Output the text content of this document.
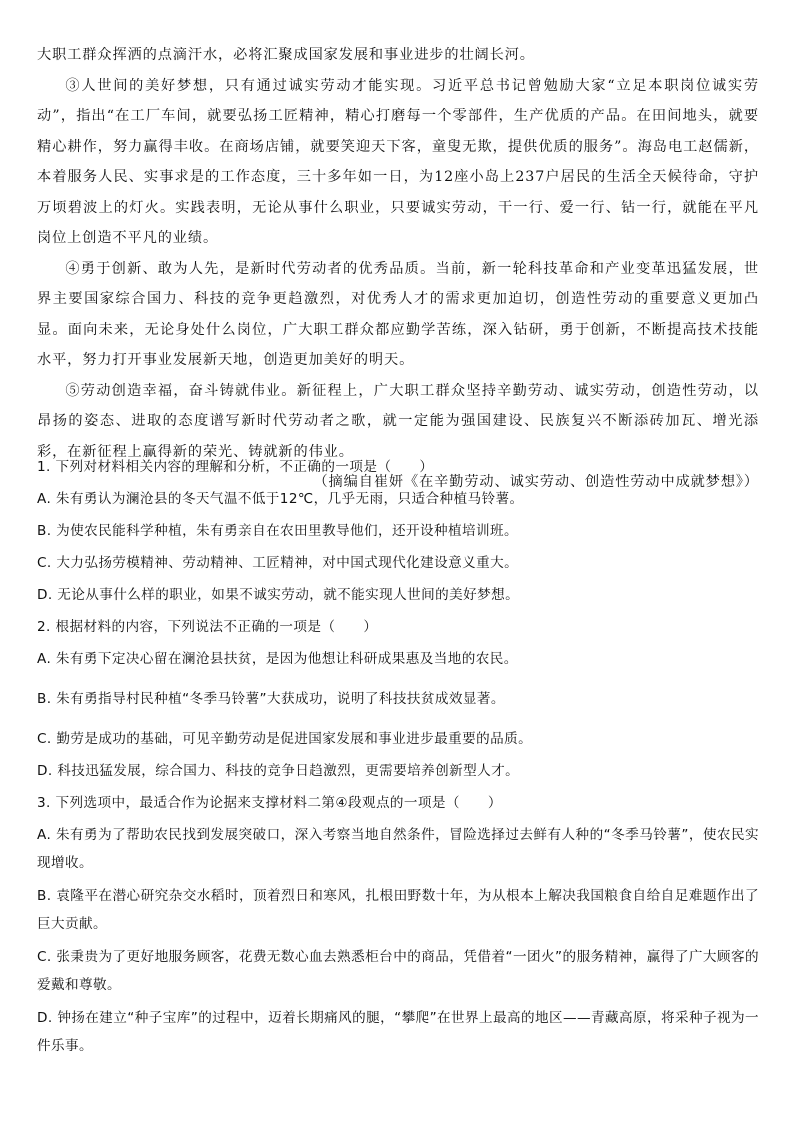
大职工群众挥洒的点滴汗水，必将汇聚成国家发展和事业进步的壮阔长河。

③人世间的美好梦想，只有通过诚实劳动才能实现。习近平总书记曾勉励大家“立足本职岗位诚实劳动”，指出“在工厂车间，就要弘扬工匠精神，精心打磨每一个零部件，生产优质的产品。在田间地头，就要精心耕作，努力赢得丰收。在商场店铺，就要笑迎天下客，童叟无欺，提供优质的服务”。海岛电工赵儒新，本着服务人民、实事求是的工作态度，三十多年如一日，为12座小岛上237户居民的生活全天候待命，守护万顷碧波上的灯火。实践表明，无论从事什么职业，只要诚实劳动，干一行、爱一行、钻一行，就能在平凡岗位上创造不平凡的业绩。

④勇于创新、敢为人先，是新时代劳动者的优秀品质。当前，新一轮科技革命和产业变革迅猛发展，世界主要国家综合国力、科技的竞争更趋激烈，对优秀人才的需求更加迫切，创造性劳动的重要意义更加凸显。面向未来，无论身处什么岗位，广大职工群众都应勤学苦练，深入钻研，勇于创新，不断提高技术技能水平，努力打开事业发展新天地，创造更加美好的明天。

⑤劳动创造幸福，奋斗铸就伟业。新征程上，广大职工群众坚持辛勤劳动、诚实劳动，创造性劳动，以昂扬的姿态、进取的态度谱写新时代劳动者之歌，就一定能为强国建设、民族复兴不断添砖加瓦、增光添彩，在新征程上赢得新的荣光、铸就新的伟业。

（摘编自崔妍《在辛勤劳动、诚实劳动、创造性劳动中成就梦想》）

1. 下列对材料相关内容的理解和分析，不正确的一项是（　　）

A. 朱有勇认为澜沧县的冬天气温不低于12℃，几乎无雨，只适合种植马铃薯。

B. 为使农民能科学种植，朱有勇亲自在农田里教导他们，还开设种植培训班。

C. 大力弘扬劳模精神、劳动精神、工匠精神，对中国式现代化建设意义重大。

D. 无论从事什么样的职业，如果不诚实劳动，就不能实现人世间的美好梦想。

2. 根据材料的内容，下列说法不正确的一项是（　　）

A. 朱有勇下定决心留在澜沧县扶贫，是因为他想让科研成果惠及当地的农民。

B. 朱有勇指导村民种植“冬季马铃薯”大获成功，说明了科技扶贫成效显著。

C. 勤劳是成功的基础，可见辛勤劳动是促进国家发展和事业进步最重要的品质。

D. 科技迅猛发展，综合国力、科技的竞争日趋激烈，更需要培养创新型人才。

3. 下列选项中，最适合作为论据来支撑材料二第④段观点的一项是（　　）

A. 朱有勇为了帮助农民找到发展突破口，深入考察当地自然条件，冒险选择过去鲜有人种的“冬季马铃薯”，使农民实现增收。

B. 袁隆平在潜心研究杂交水稻时，顶着烈日和寒风，扎根田野数十年，为从根本上解决我国粮食自给自足难题作出了巨大贡献。

C. 张秉贵为了更好地服务顾客，花费无数心血去熟悉柜台中的商品，凭借着“一团火”的服务精神，赢得了广大顾客的爱戴和尊敬。

D. 钟扬在建立“种子宝库”的过程中，迈着长期痛风的腿，“攀爬”在世界上最高的地区——青藏高原，将采种子视为一件乐事。
